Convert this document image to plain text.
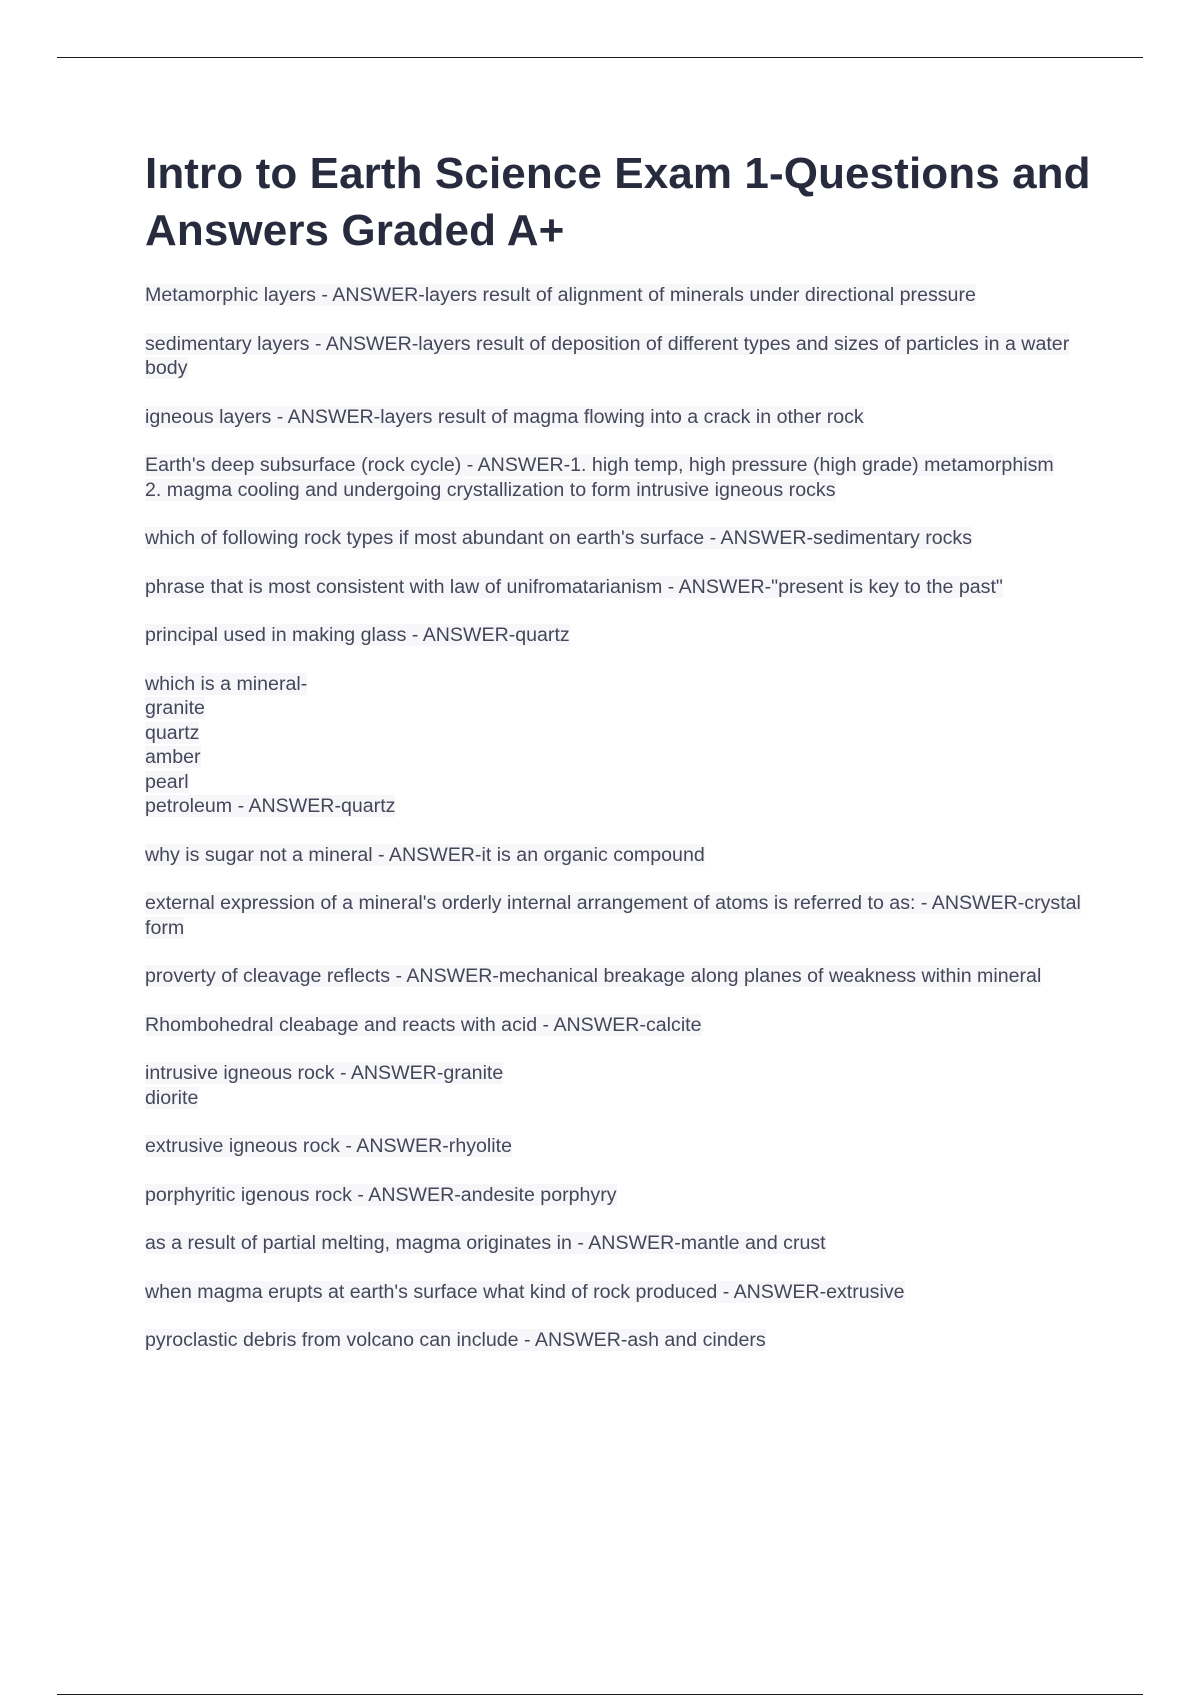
Intro to Earth Science Exam 1-Questions and Answers Graded A+
Metamorphic layers - ANSWER-layers result of alignment of minerals under directional pressure
sedimentary layers - ANSWER-layers result of deposition of different types and sizes of particles in a water body
igneous layers - ANSWER-layers result of magma flowing into a crack in other rock
Earth's deep subsurface (rock cycle) - ANSWER-1. high temp, high pressure (high grade) metamorphism
2. magma cooling and undergoing crystallization to form intrusive igneous rocks
which of following rock types if most abundant on earth's surface - ANSWER-sedimentary rocks
phrase that is most consistent with law of unifromatarianism - ANSWER-"present is key to the past"
principal used in making glass - ANSWER-quartz
which is a mineral-
granite
quartz
amber
pearl
petroleum - ANSWER-quartz
why is sugar not a mineral - ANSWER-it is an organic compound
external expression of a mineral's orderly internal arrangement of atoms is referred to as: - ANSWER-crystal form
proverty of cleavage reflects - ANSWER-mechanical breakage along planes of weakness within mineral
Rhombohedral cleabage and reacts with acid - ANSWER-calcite
intrusive igneous rock - ANSWER-granite
diorite
extrusive igneous rock - ANSWER-rhyolite
porphyritic igenous rock - ANSWER-andesite porphyry
as a result of partial melting, magma originates in - ANSWER-mantle and crust
when magma erupts at earth's surface what kind of rock produced - ANSWER-extrusive
pyroclastic debris from volcano can include - ANSWER-ash and cinders
